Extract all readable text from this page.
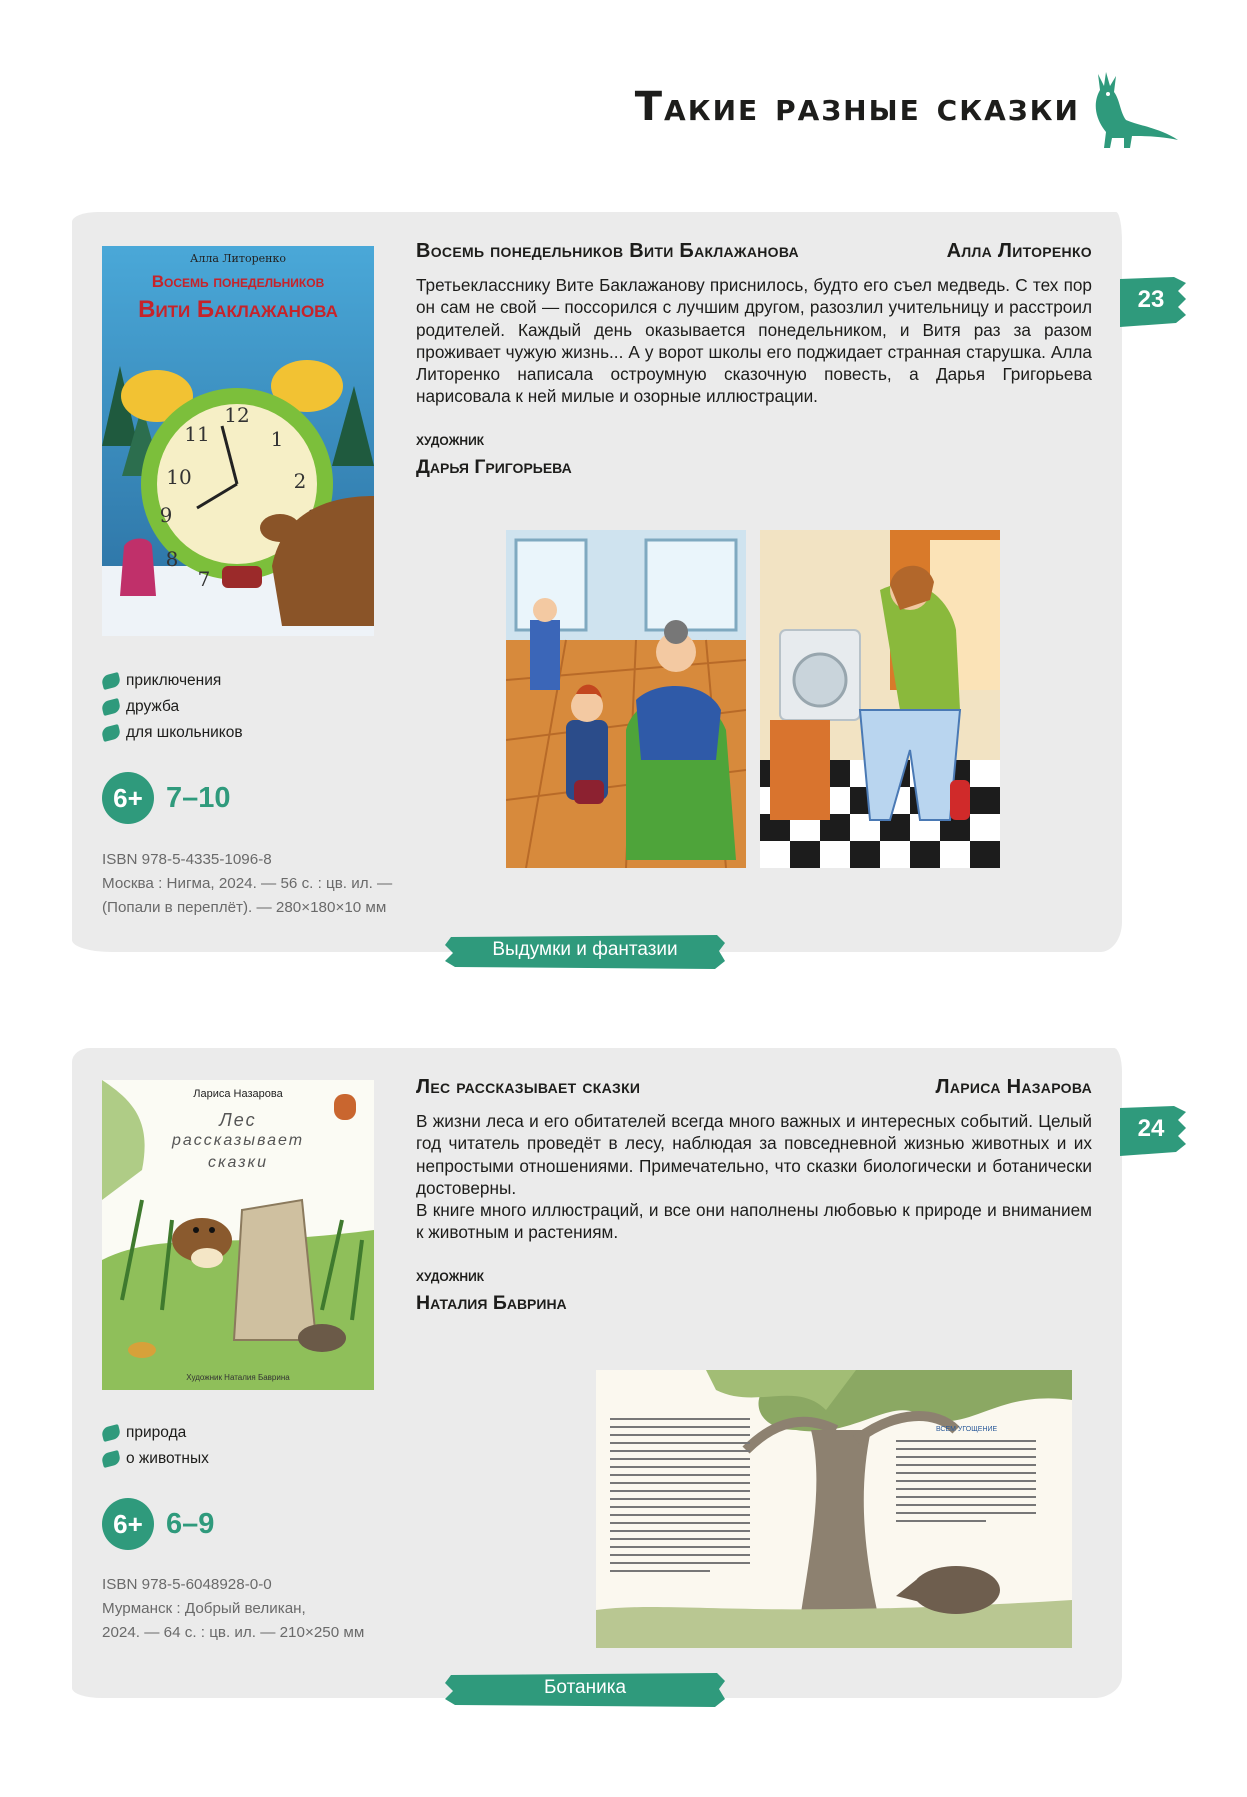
Такие разные сказки
12
1
2
10
9
8
7
11
Алла Литоренко
Восемь понедельников
Вити Баклажанова
Восемь понедельников Вити Баклажанова	Алла Литоренко

Третьекласснику Вите Баклажанову приснилось, будто его съел медведь. С тех пор он сам не свой — поссорился с лучшим другом, разозлил учительницу и расстроил родителей. Каждый день оказывается понедельником, и Витя раз за разом проживает чужую жизнь... А у ворот школы его поджидает странная старушка. Алла Литоренко написала остроумную сказочную повесть, а Дарья Григорьева нарисовала к ней милые и озорные иллюстрации.

художник
Дарья Григорьева
приключения
дружба
для школьников
6+ 7–10
ISBN 978-5-4335-1096-8
Москва : Нигма, 2024. — 56 с. : цв. ил. —
(Попали в переплёт). — 280×180×10 мм
23
Выдумки и фантазии
Лариса Назарова
Лес
рассказывает
сказки
Художник Наталия Бавринa
Лес рассказывает сказки	Лариса Назарова

В жизни леса и его обитателей всегда много важных и интересных событий. Целый год читатель проведёт в лесу, наблюдая за повседневной жизнью животных и их непростыми отношениями. Примечательно, что сказки биологически и ботанически достоверны.

В книге много иллюстраций, и все они наполнены любовью к природе и вниманием к животным и растениям.

художник
Наталия Бавринa
природа
о животных
6+ 6–9
ISBN 978-5-6048928-0-0
Мурманск : Добрый великан,
2024. — 64 с. : цв. ил. — 210×250 мм
ВСЕМ УГОЩЕНИЕ
24
Ботаника
